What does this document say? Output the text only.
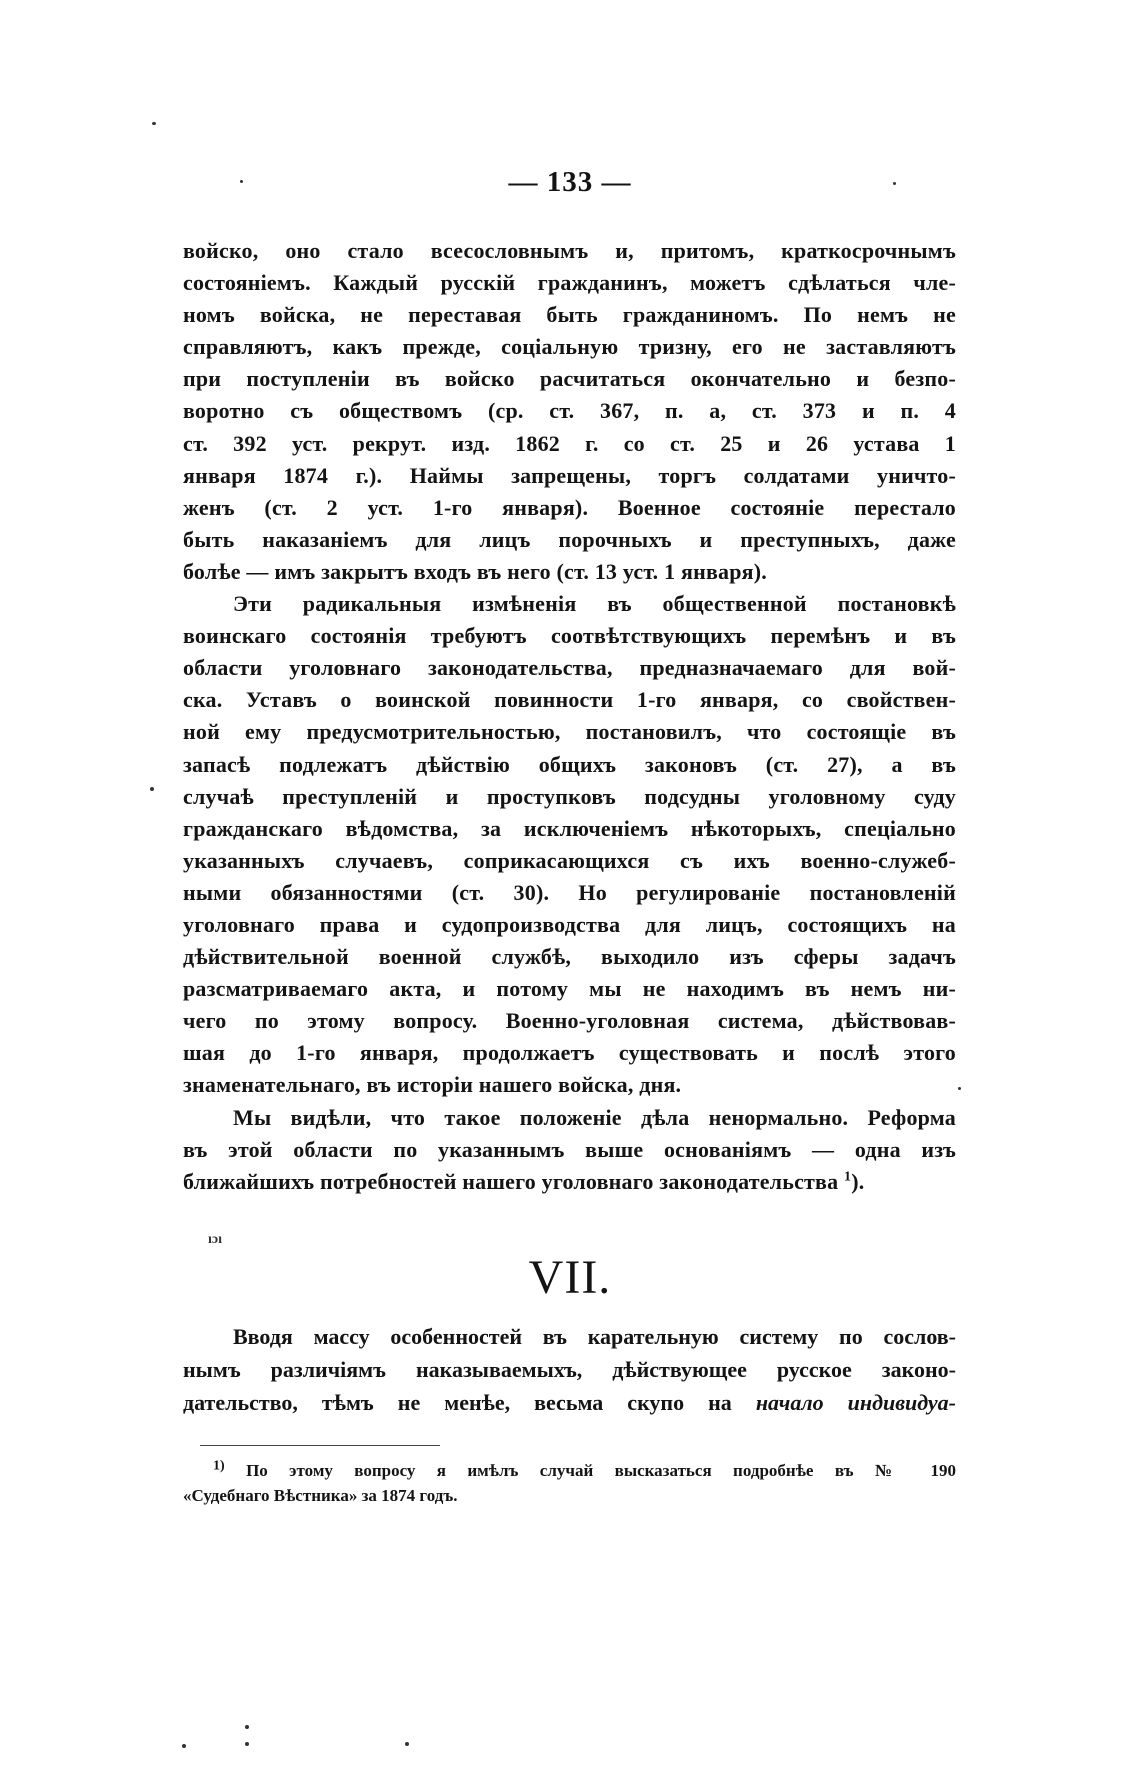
— 133 —
войско, оно стало всесословнымъ и, притомъ, краткосрочнымъ
состояніемъ. Каждый русскій гражданинъ, можетъ сдѣлаться чле-
номъ войска, не переставая быть гражданиномъ. По немъ не
справляютъ, какъ прежде, соціальную тризну, его не заставляютъ
при поступленіи въ войско расчитаться окончательно и безпо-
воротно съ обществомъ (ср. ст. 367, п. а, ст. 373 и п. 4
ст. 392 уст. рекрут. изд. 1862 г. со ст. 25 и 26 устава 1
января 1874 г.). Наймы запрещены, торгъ солдатами уничто-
женъ (ст. 2 уст. 1-го января). Военное состояніе перестало
быть наказаніемъ для лицъ порочныхъ и преступныхъ, даже
болѣе — имъ закрытъ входъ въ него (ст. 13 уст. 1 января).
Эти радикальныя измѣненія въ общественной постановкѣ
воинскаго состоянія требуютъ соотвѣтствующихъ перемѣнъ и въ
области уголовнаго законодательства, предназначаемаго для вой-
ска. Уставъ о воинской повинности 1-го января, со свойствен-
ной ему предусмотрительностью, постановилъ, что состоящіе въ
запасѣ подлежатъ дѣйствію общихъ законовъ (ст. 27), а въ
случаѣ преступленій и проступковъ подсудны уголовному суду
гражданскаго вѣдомства, за исключеніемъ нѣкоторыхъ, спеціально
указанныхъ случаевъ, соприкасающихся съ ихъ военно-служеб-
ными обязанностями (ст. 30). Но регулированіе постановленій
уголовнаго права и судопроизводства для лицъ, состоящихъ на
дѣйствительной военной службѣ, выходило изъ сферы задачъ
разсматриваемаго акта, и потому мы не находимъ въ немъ ни-
чего по этому вопросу. Военно-уголовная система, дѣйствовав-
шая до 1-го января, продолжаетъ существовать и послѣ этого
знаменательнаго, въ исторіи нашего войска, дня.
Мы видѣли, что такое положеніе дѣла ненормально. Реформа
въ этой области по указаннымъ выше основаніямъ — одна изъ
ближайшихъ потребностей нашего уголовнаго законодательства $^1$).
ıɔı
VII.
Вводя массу особенностей въ карательную систему по сослов-
нымъ различіямъ наказываемыхъ, дѣйствующее русское законо-
дательство, тѣмъ не менѣе, весьма скупо на начало индивидуа-
$^{1)}$ По этому вопросу я имѣлъ случай высказаться подробнѣе въ № 190
«Судебнаго Вѣстника» за 1874 годъ.
